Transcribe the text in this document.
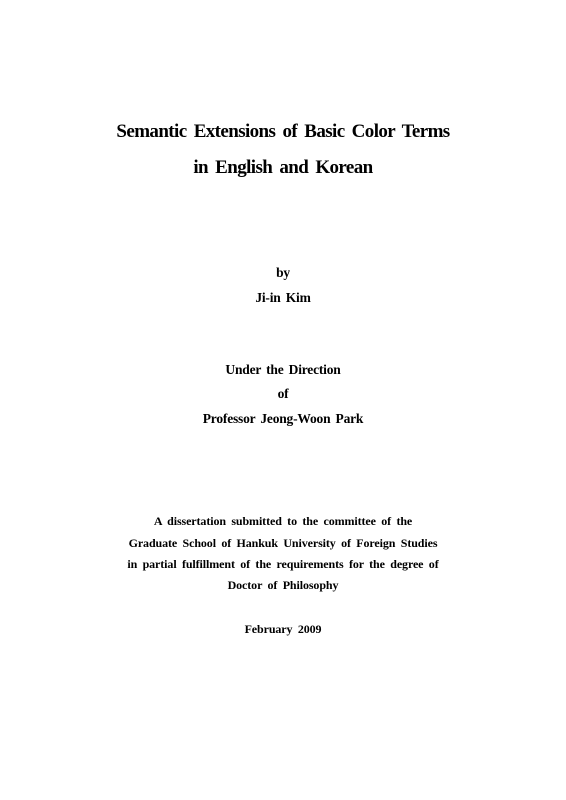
Semantic Extensions of Basic Color Terms
in English and Korean
by
Ji-in Kim
Under the Direction
of
Professor Jeong-Woon Park
A dissertation submitted to the committee of the
Graduate School of Hankuk University of Foreign Studies
in partial fulfillment of the requirements for the degree of
Doctor of Philosophy
February 2009
